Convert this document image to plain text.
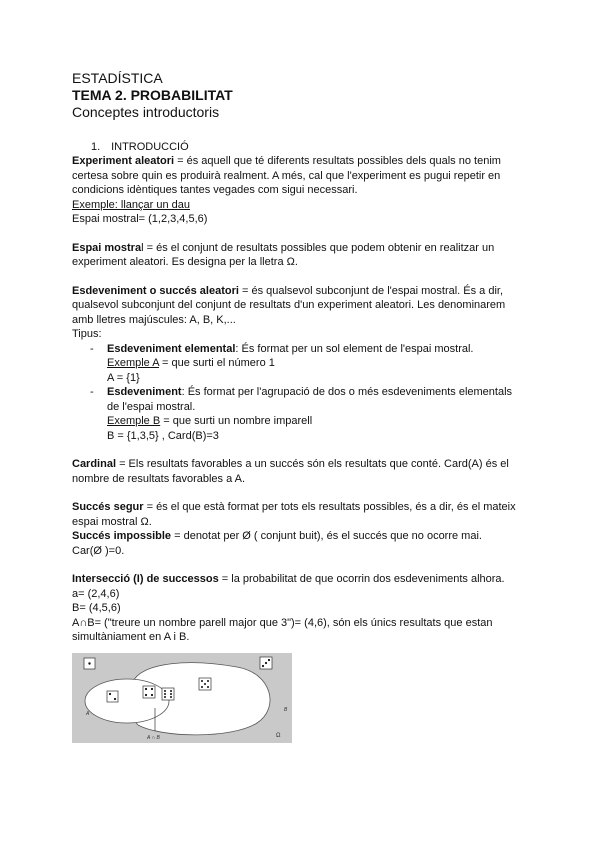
ESTADÍSTICA

TEMA 2. PROBABILITAT

Conceptes introductoris

1. INTRODUCCIÓ

Experiment aleatori = és aquell que té diferents resultats possibles dels quals no tenim

certesa sobre quin es produirà realment. A més, cal que l'experiment es pugui repetir en

condicions idèntiques tantes vegades com sigui necessari.

Exemple: llançar un dau

Espai mostral= (1,2,3,4,5,6)

Espai mostral = és el conjunt de resultats possibles que podem obtenir en realitzar un

experiment aleatori. Es designa per la lletra Ω.

Esdeveniment o succés aleatori = és qualsevol subconjunt de l'espai mostral. És a dir,

qualsevol subconjunt del conjunt de resultats d'un experiment aleatori. Les denominarem

amb lletres majúscules: A, B, K,...

Tipus:

- Esdeveniment elemental: És format per un sol element de l'espai mostral.
Exemple A = que surti el número 1
A = {1}
- Esdeveniment: És format per l'agrupació de dos o més esdeveniments elementals
de l'espai mostral.
Exemple B = que surti un nombre imparell
B = {1,3,5} , Card(B)=3

Cardinal = Els resultats favorables a un succés són els resultats que conté. Card(A) és el

nombre de resultats favorables a A.

Succés segur = és el que està format per tots els resultats possibles, és a dir, és el mateix

espai mostral Ω.

Succés impossible = denotat per Ø ( conjunt buit), és el succés que no ocorre mai.

Car(Ø )=0.

Intersecció (I) de successos = la probabilitat de que ocorrin dos esdeveniments alhora.

a= (2,4,6)

B= (4,5,6)

A∩B= ("treure un nombre parell major que 3")= (4,6), són els únics resultats que estan

simultàniament en A i B.

A
B
Ω
A ∩ B
